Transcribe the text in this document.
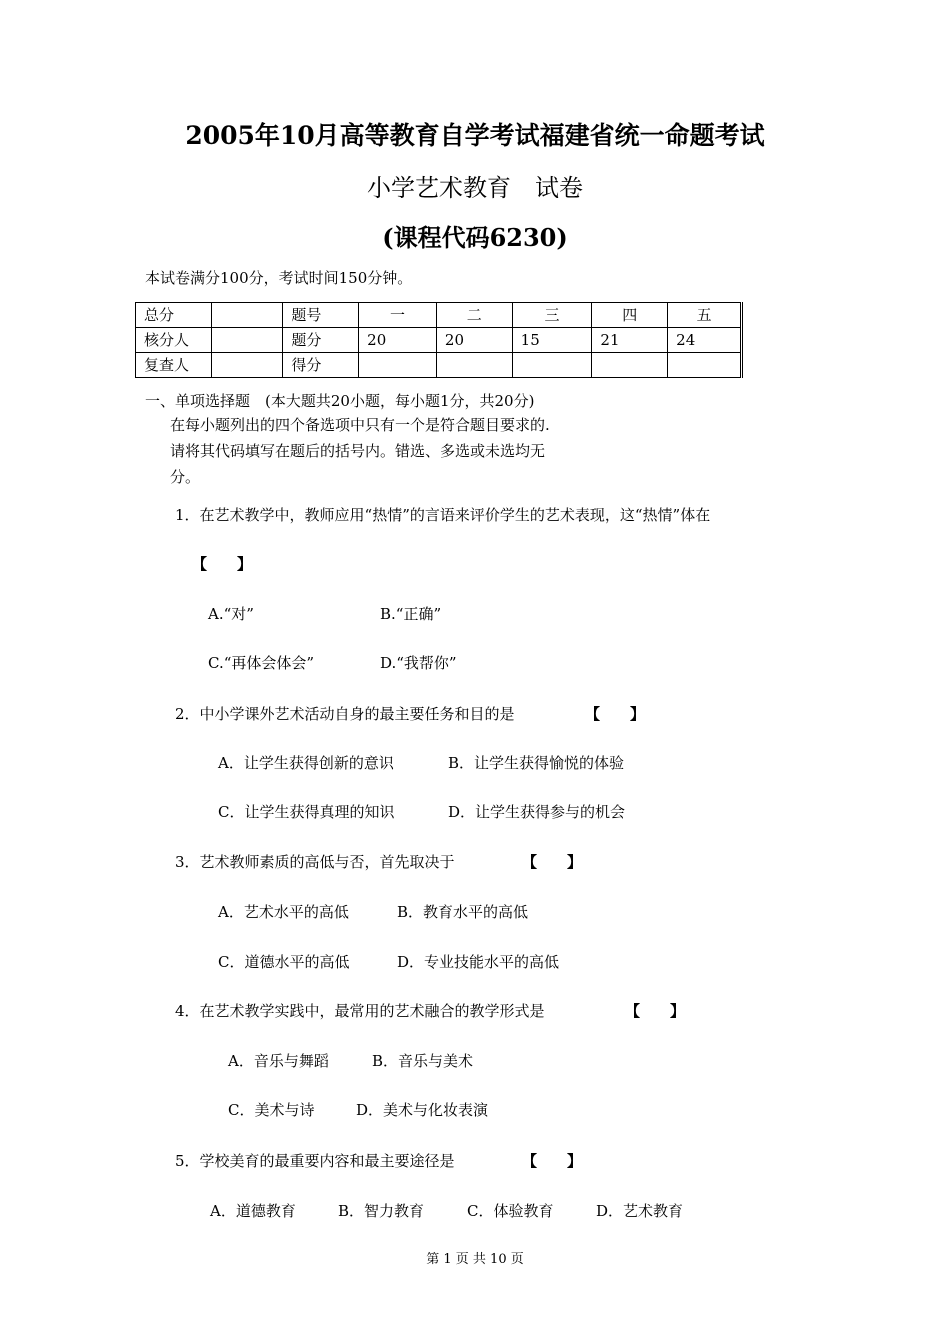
2005年10月高等教育自学考试福建省统一命题考试
小学艺术教育　试卷
(课程代码6230)
本试卷满分100分，考试时间150分钟。
总分		题号	一	二	三	四	五
核分人		题分	20	20	15	21	24
复查人		得分					
一、单项选择题　(本大题共20小题，每小题1分，共20分)
在每小题列出的四个备选项中只有一个是符合题目要求的.
请将其代码填写在题后的括号内。错选、多选或未选均无
分。
1．在艺术教学中，教师应用“热情”的言语来评价学生的艺术表现，这“热情”体在
【　　】
A.“对”	B.“正确”
C.“再体会体会”	D.“我帮你”
2．中小学课外艺术活动自身的最主要任务和目的是	【　　】
A．让学生获得创新的意识	B．让学生获得愉悦的体验
C．让学生获得真理的知识	D．让学生获得参与的机会
3．艺术教师素质的高低与否，首先取决于	【　　】
A．艺术水平的高低	B．教育水平的高低
C．道德水平的高低	D．专业技能水平的高低
4．在艺术教学实践中，最常用的艺术融合的教学形式是	【　　】
A．音乐与舞蹈	B．音乐与美术
C．美术与诗	D．美术与化妆表演
5．学校美育的最重要内容和最主要途径是	【　　】
A．道德教育	B．智力教育	C．体验教育	D．艺术教育
第 1 页 共 10 页
